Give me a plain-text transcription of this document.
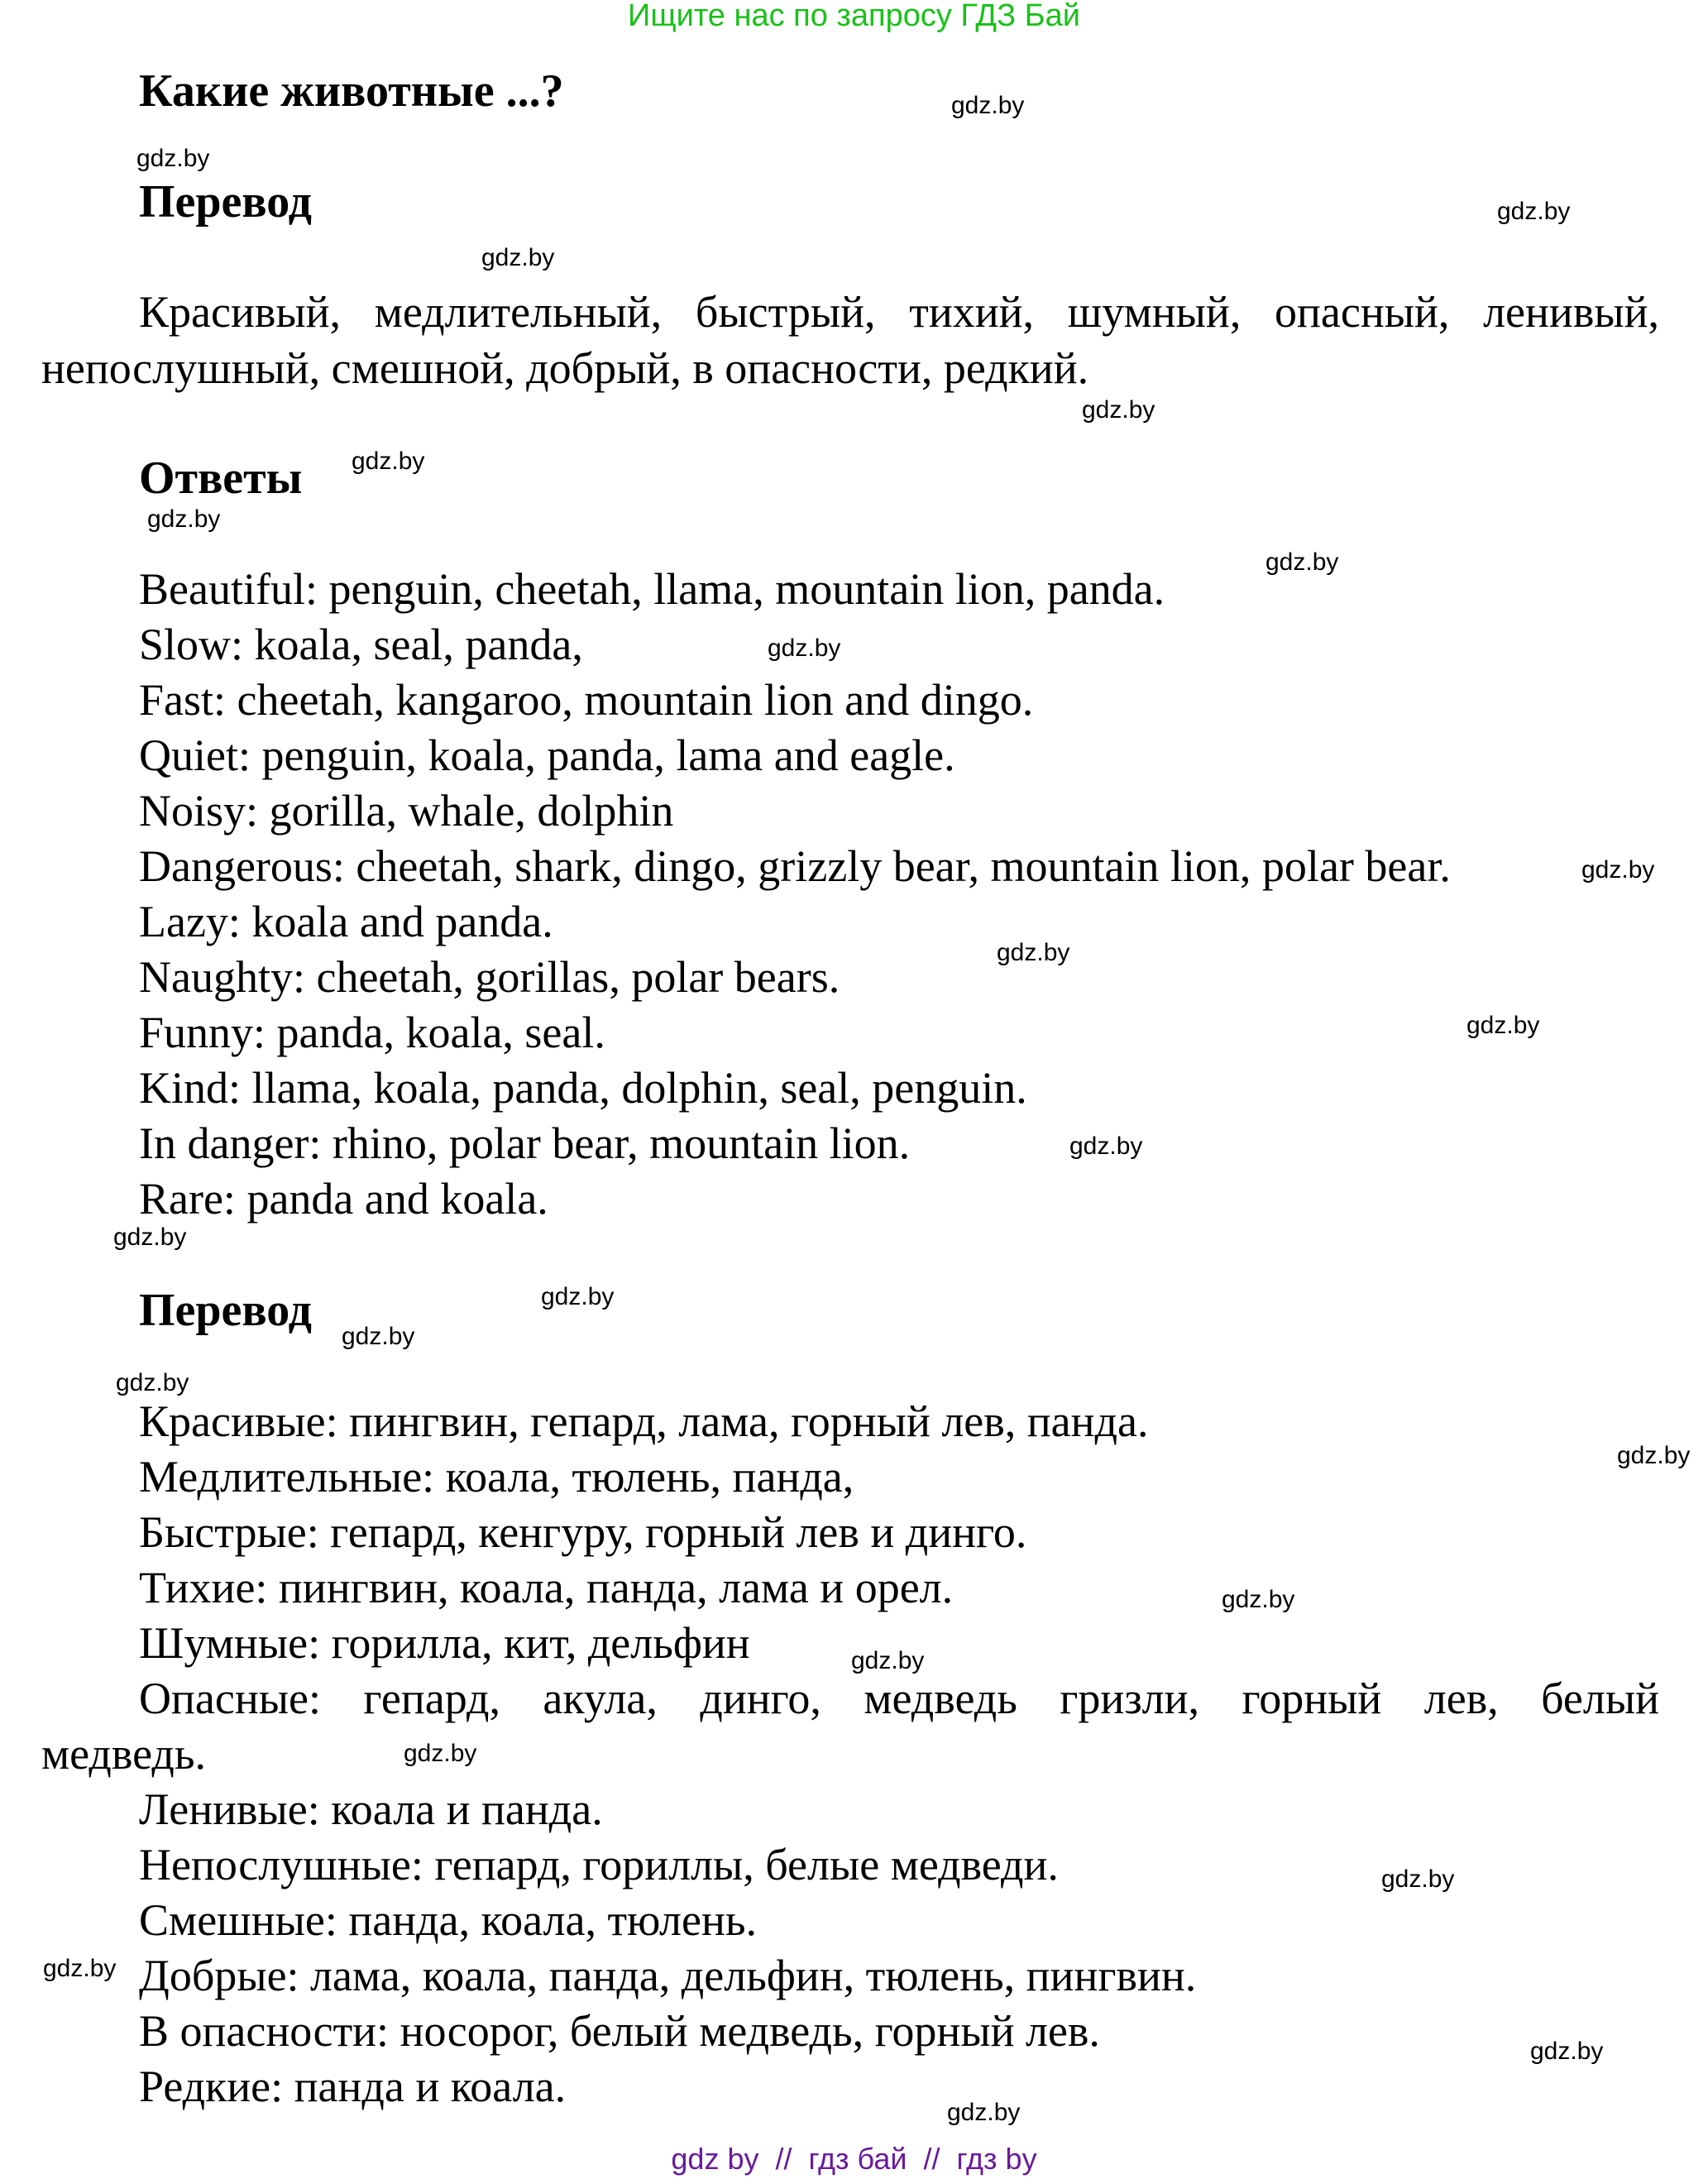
Ищите нас по запросу ГДЗ Бай
Какие животные ...?
Перевод
Красивый, медлительный, быстрый, тихий, шумный, опасный, ленивый,
непослушный, смешной, добрый, в опасности, редкий.
Ответы
Beautiful: penguin, cheetah, llama, mountain lion, panda.
Slow: koala, seal, panda,
Fast: cheetah, kangaroo, mountain lion and dingo.
Quiet: penguin, koala, panda, lama and eagle.
Noisy: gorilla, whale, dolphin
Dangerous: cheetah, shark, dingo, grizzly bear, mountain lion, polar bear.
Lazy: koala and panda.
Naughty: cheetah, gorillas, polar bears.
Funny: panda, koala, seal.
Kind: llama, koala, panda, dolphin, seal, penguin.
In danger: rhino, polar bear, mountain lion.
Rare: panda and koala.
Перевод
Красивые: пингвин, гепард, лама, горный лев, панда.
Медлительные: коала, тюлень, панда,
Быстрые: гепард, кенгуру, горный лев и динго.
Тихие: пингвин, коала, панда, лама и орел.
Шумные: горилла, кит, дельфин
Опасные: гепард, акула, динго, медведь гризли, горный лев, белый
медведь.
Ленивые: коала и панда.
Непослушные: гепард, гориллы, белые медведи.
Смешные: панда, коала, тюлень.
Добрые: лама, коала, панда, дельфин, тюлень, пингвин.
В опасности: носорог, белый медведь, горный лев.
Редкие: панда и коала.
gdz.by
gdz.by
gdz.by
gdz.by
gdz.by
gdz.by
gdz.by
gdz.by
gdz.by
gdz.by
gdz.by
gdz.by
gdz.by
gdz.by
gdz.by
gdz.by
gdz.by
gdz.by
gdz.by
gdz.by
gdz.by
gdz.by
gdz.by
gdz.by
gdz.by
gdz by // гдз бай // гдз by
